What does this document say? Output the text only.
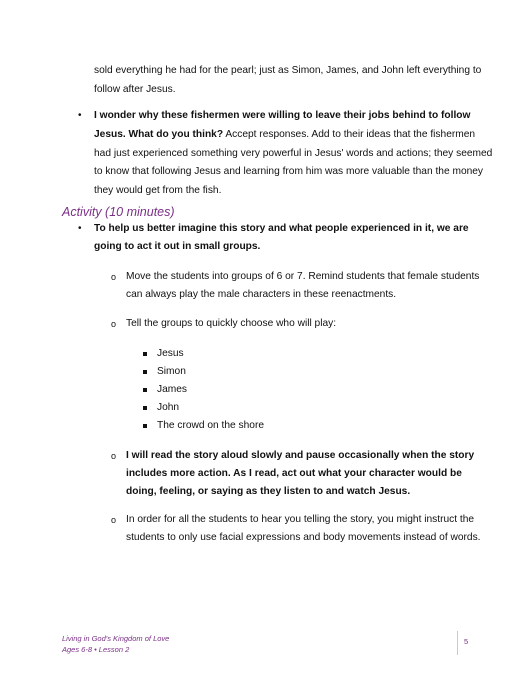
sold everything he had for the pearl; just as Simon, James, and John left everything to
follow after Jesus.
• I wonder why these fishermen were willing to leave their jobs behind to follow
Jesus. What do you think? Accept responses. Add to their ideas that the fishermen
had just experienced something very powerful in Jesus' words and actions; they seemed
to know that following Jesus and learning from him was more valuable than the money
they would get from the fish.
Activity (10 minutes)
• To help us better imagine this story and what people experienced in it, we are
going to act it out in small groups.
o Move the students into groups of 6 or 7. Remind students that female students
can always play the male characters in these reenactments.
o Tell the groups to quickly choose who will play:
Jesus
Simon
James
John
The crowd on the shore
o I will read the story aloud slowly and pause occasionally when the story
includes more action. As I read, act out what your character would be
doing, feeling, or saying as they listen to and watch Jesus.
o In order for all the students to hear you telling the story, you might instruct the
students to only use facial expressions and body movements instead of words.
Living in God's Kingdom of Love
Ages 6-8 • Lesson 2
5
